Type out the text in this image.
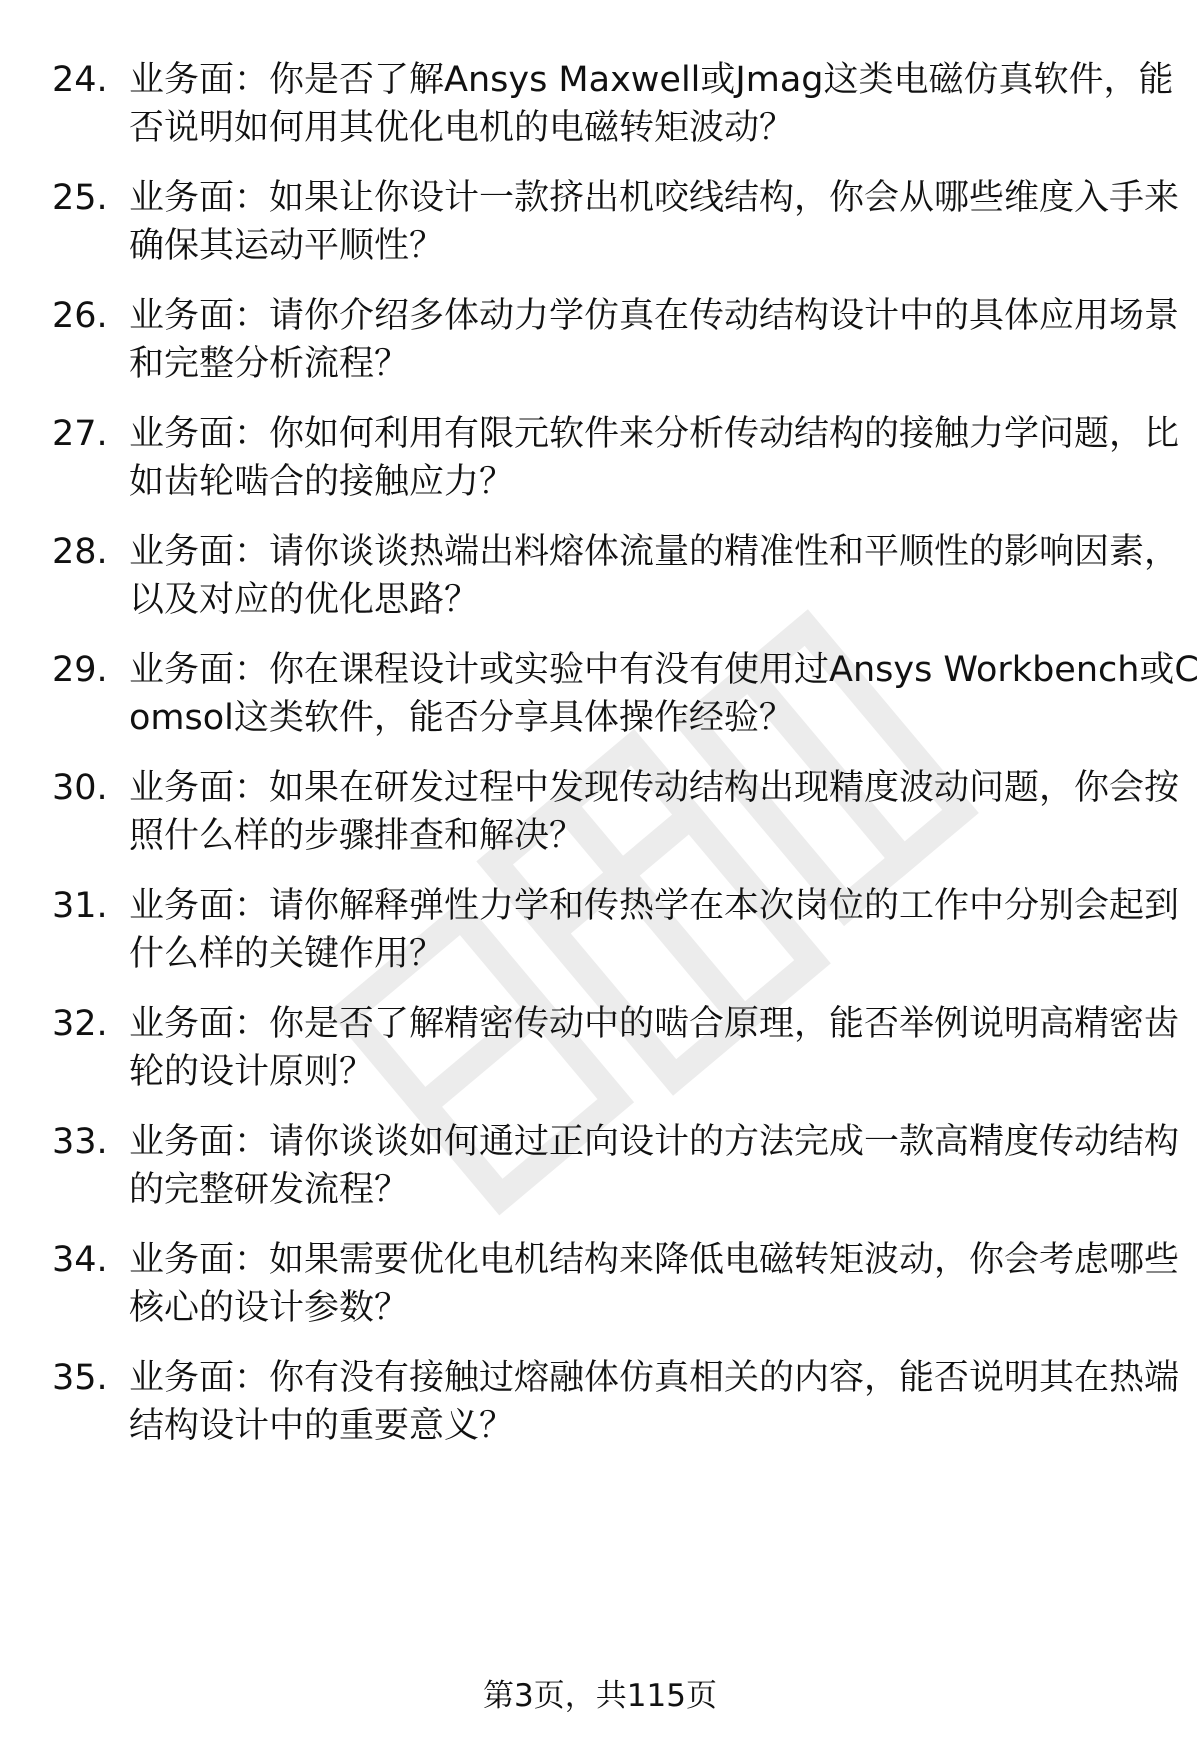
24. 业务面：你是否了解Ansys Maxwell或Jmag这类电磁仿真软件，能否说明如何用其优化电机的电磁转矩波动？
25. 业务面：如果让你设计一款挤出机咬线结构，你会从哪些维度入手来确保其运动平顺性？
26. 业务面：请你介绍多体动力学仿真在传动结构设计中的具体应用场景和完整分析流程？
27. 业务面：你如何利用有限元软件来分析传动结构的接触力学问题，比如齿轮啮合的接触应力？
28. 业务面：请你谈谈热端出料熔体流量的精准性和平顺性的影响因素，以及对应的优化思路？
29. 业务面：你在课程设计或实验中有没有使用过Ansys Workbench或Comsol这类软件，能否分享具体操作经验？
30. 业务面：如果在研发过程中发现传动结构出现精度波动问题，你会按照什么样的步骤排查和解决？
31. 业务面：请你解释弹性力学和传热学在本次岗位的工作中分别会起到什么样的关键作用？
32. 业务面：你是否了解精密传动中的啮合原理，能否举例说明高精密齿轮的设计原则？
33. 业务面：请你谈谈如何通过正向设计的方法完成一款高精度传动结构的完整研发流程？
34. 业务面：如果需要优化电机结构来降低电磁转矩波动，你会考虑哪些核心的设计参数？
35. 业务面：你有没有接触过熔融体仿真相关的内容，能否说明其在热端结构设计中的重要意义？
第3页，共115页
